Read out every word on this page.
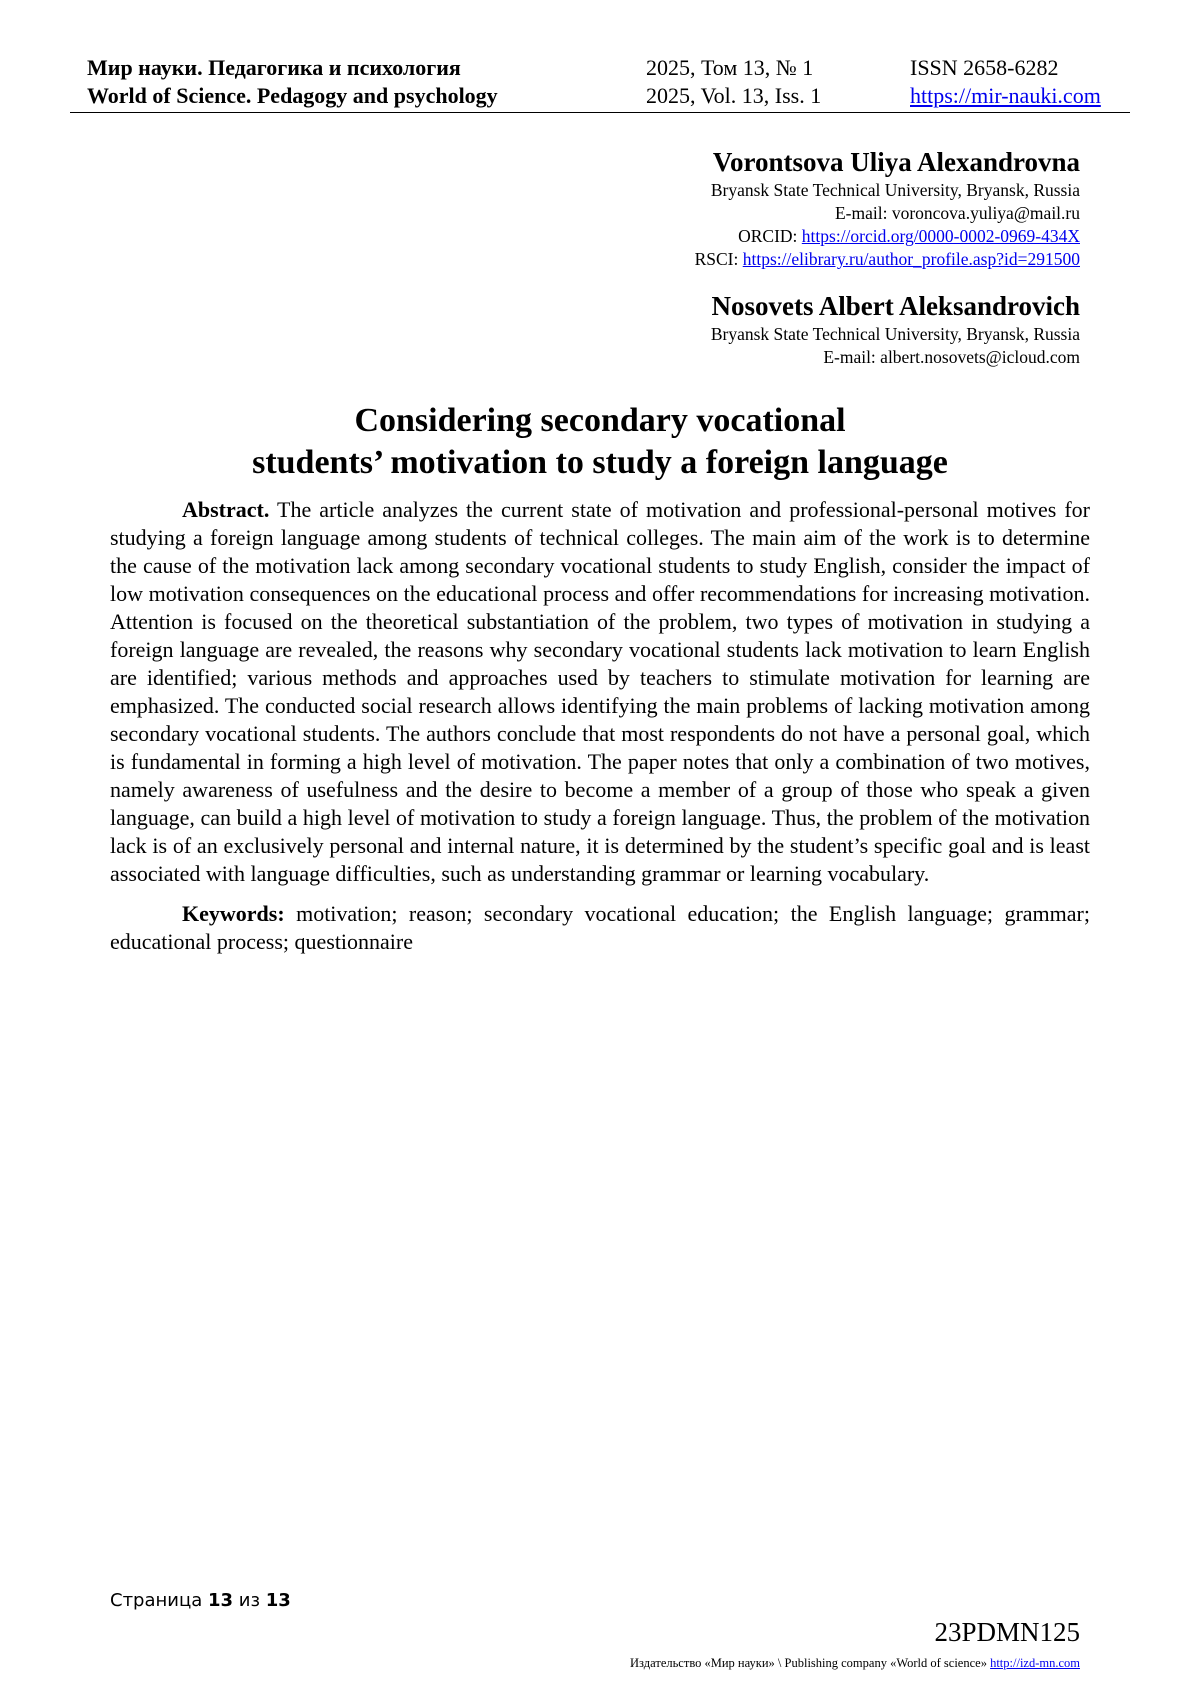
Мир науки. Педагогика и психология	2025, Том 13, № 1	ISSN 2658-6282
World of Science. Pedagogy and psychology	2025, Vol. 13, Iss. 1	https://mir-nauki.com
Vorontsova Uliya Alexandrovna
Bryansk State Technical University, Bryansk, Russia
E-mail: voroncova.yuliya@mail.ru
ORCID: https://orcid.org/0000-0002-0969-434X
RSCI: https://elibrary.ru/author_profile.asp?id=291500
Nosovets Albert Aleksandrovich
Bryansk State Technical University, Bryansk, Russia
E-mail: albert.nosovets@icloud.com
Considering secondary vocational
students’ motivation to study a foreign language

Abstract. The article analyzes the current state of motivation and professional-personal motives for studying a foreign language among students of technical colleges. The main aim of the work is to determine the cause of the motivation lack among secondary vocational students to study English, consider the impact of low motivation consequences on the educational process and offer recommendations for increasing motivation. Attention is focused on the theoretical substantiation of the problem, two types of motivation in studying a foreign language are revealed, the reasons why secondary vocational students lack motivation to learn English are identified; various methods and approaches used by teachers to stimulate motivation for learning are emphasized. The conducted social research allows identifying the main problems of lacking motivation among secondary vocational students. The authors conclude that most respondents do not have a personal goal, which is fundamental in forming a high level of motivation. The paper notes that only a combination of two motives, namely awareness of usefulness and the desire to become a member of a group of those who speak a given language, can build a high level of motivation to study a foreign language. Thus, the problem of the motivation lack is of an exclusively personal and internal nature, it is determined by the student’s specific goal and is least associated with language difficulties, such as understanding grammar or learning vocabulary.

Keywords: motivation; reason; secondary vocational education; the English language; grammar; educational process; questionnaire

Страница 13 из 13
23PDMN125
Издательство «Мир науки» \ Publishing company «World of science» http://izd-mn.com
